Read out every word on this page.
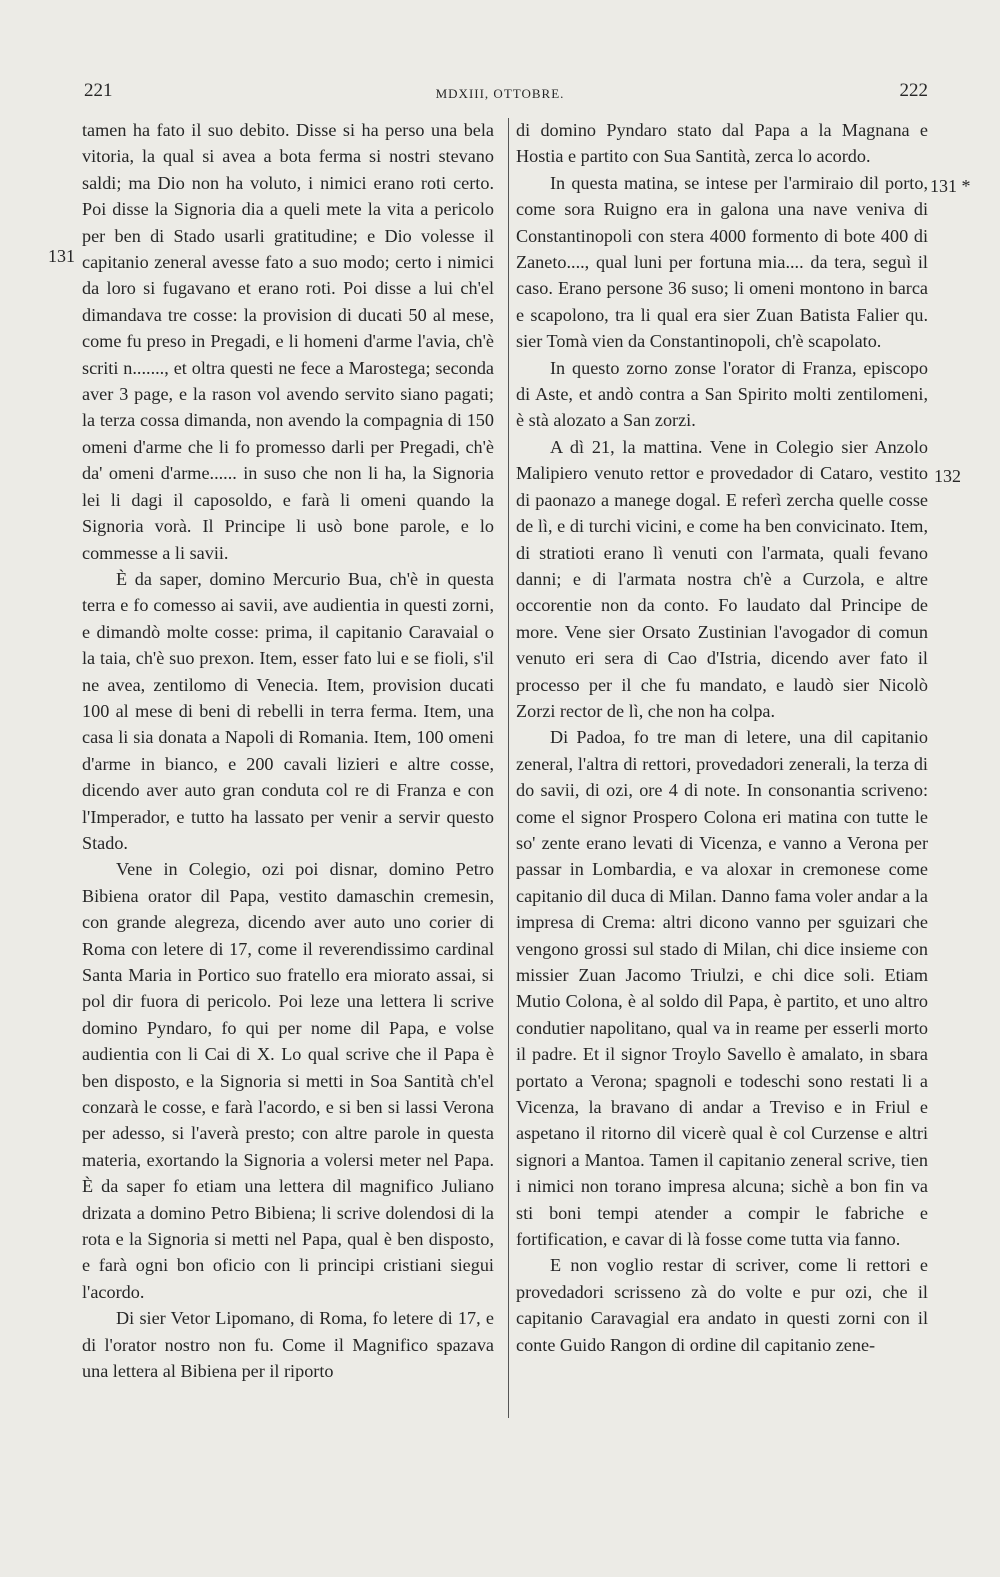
221	MDXIII, OTTOBRE.	222
131
131 *
132

tamen ha fato il suo debito. Disse si ha perso una bela vitoria, la qual si avea a bota ferma si nostri stevano saldi; ma Dio non ha voluto, i nimici erano roti certo. Poi disse la Signoria dia a queli mete la vita a pericolo per ben di Stado usarli gratitudine; e Dio volesse il capitanio zeneral avesse fato a suo modo; certo i nimici da loro si fugavano et erano roti. Poi disse a lui ch'el dimandava tre cosse: la provision di ducati 50 al mese, come fu preso in Pregadi, e li homeni d'arme l'avia, ch'è scriti n......., et oltra questi ne fece a Marostega; seconda aver 3 page, e la rason vol avendo servito siano pagati; la terza cossa dimanda, non avendo la compagnia di 150 omeni d'arme che li fo promesso darli per Pregadi, ch'è da' omeni d'arme...... in suso che non li ha, la Signoria lei li dagi il caposoldo, e farà li omeni quando la Signoria vorà. Il Principe li usò bone parole, e lo commesse a li savii.

È da saper, domino Mercurio Bua, ch'è in questa terra e fo comesso ai savii, ave audientia in questi zorni, e dimandò molte cosse: prima, il capitanio Caravaial o la taia, ch'è suo prexon. Item, esser fato lui e se fioli, s'il ne avea, zentilomo di Venecia. Item, provision ducati 100 al mese di beni di rebelli in terra ferma. Item, una casa li sia donata a Napoli di Romania. Item, 100 omeni d'arme in bianco, e 200 cavali lizieri e altre cosse, dicendo aver auto gran conduta col re di Franza e con l'Imperador, e tutto ha lassato per venir a servir questo Stado.

Vene in Colegio, ozi poi disnar, domino Petro Bibiena orator dil Papa, vestito damaschin cremesin, con grande alegreza, dicendo aver auto uno corier di Roma con letere di 17, come il reverendissimo cardinal Santa Maria in Portico suo fratello era miorato assai, si pol dir fuora di pericolo. Poi leze una lettera li scrive domino Pyndaro, fo qui per nome dil Papa, e volse audientia con li Cai di X. Lo qual scrive che il Papa è ben disposto, e la Signoria si metti in Soa Santità ch'el conzarà le cosse, e farà l'acordo, e si ben si lassi Verona per adesso, si l'averà presto; con altre parole in questa materia, exortando la Signoria a volersi meter nel Papa. È da saper fo etiam una lettera dil magnifico Juliano drizata a domino Petro Bibiena; li scrive dolendosi di la rota e la Signoria si metti nel Papa, qual è ben disposto, e farà ogni bon oficio con li principi cristiani siegui l'acordo.

Di sier Vetor Lipomano, di Roma, fo letere di 17, e di l'orator nostro non fu. Come il Magnifico spazava una lettera al Bibiena per il riporto

di domino Pyndaro stato dal Papa a la Magnana e Hostia e partito con Sua Santità, zerca lo acordo.

In questa matina, se intese per l'armiraio dil porto, come sora Ruigno era in galona una nave veniva di Constantinopoli con stera 4000 formento di bote 400 di Zaneto...., qual luni per fortuna mia.... da tera, seguì il caso. Erano persone 36 suso; li omeni montono in barca e scapolono, tra li qual era sier Zuan Batista Falier qu. sier Tomà vien da Constantinopoli, ch'è scapolato.

In questo zorno zonse l'orator di Franza, episcopo di Aste, et andò contra a San Spirito molti zentilomeni, è stà alozato a San zorzi.

A dì 21, la mattina. Vene in Colegio sier Anzolo Malipiero venuto rettor e provedador di Cataro, vestito di paonazo a manege dogal. E referì zercha quelle cosse de lì, e di turchi vicini, e come ha ben convicinato. Item, di stratioti erano lì venuti con l'armata, quali fevano danni; e di l'armata nostra ch'è a Curzola, e altre occorentie non da conto. Fo laudato dal Principe de more. Vene sier Orsato Zustinian l'avogador di comun venuto eri sera di Cao d'Istria, dicendo aver fato il processo per il che fu mandato, e laudò sier Nicolò Zorzi rector de lì, che non ha colpa.

Di Padoa, fo tre man di letere, una dil capitanio zeneral, l'altra di rettori, provedadori zenerali, la terza di do savii, di ozi, ore 4 di note. In consonantia scriveno: come el signor Prospero Colona eri matina con tutte le so' zente erano levati di Vicenza, e vanno a Verona per passar in Lombardia, e va aloxar in cremonese come capitanio dil duca di Milan. Danno fama voler andar a la impresa di Crema: altri dicono vanno per sguizari che vengono grossi sul stado di Milan, chi dice insieme con missier Zuan Jacomo Triulzi, e chi dice soli. Etiam Mutio Colona, è al soldo dil Papa, è partito, et uno altro condutier napolitano, qual va in reame per esserli morto il padre. Et il signor Troylo Savello è amalato, in sbara portato a Verona; spagnoli e todeschi sono restati li a Vicenza, la bravano di andar a Treviso e in Friul e aspetano il ritorno dil vicerè qual è col Curzense e altri signori a Mantoa. Tamen il capitanio zeneral scrive, tien i nimici non torano impresa alcuna; sichè a bon fin va sti boni tempi atender a compir le fabriche e fortification, e cavar di là fosse come tutta via fanno.

E non voglio restar di scriver, come li rettori e provedadori scrisseno zà do volte e pur ozi, che il capitanio Caravagial era andato in questi zorni con il conte Guido Rangon di ordine dil capitanio zene-
